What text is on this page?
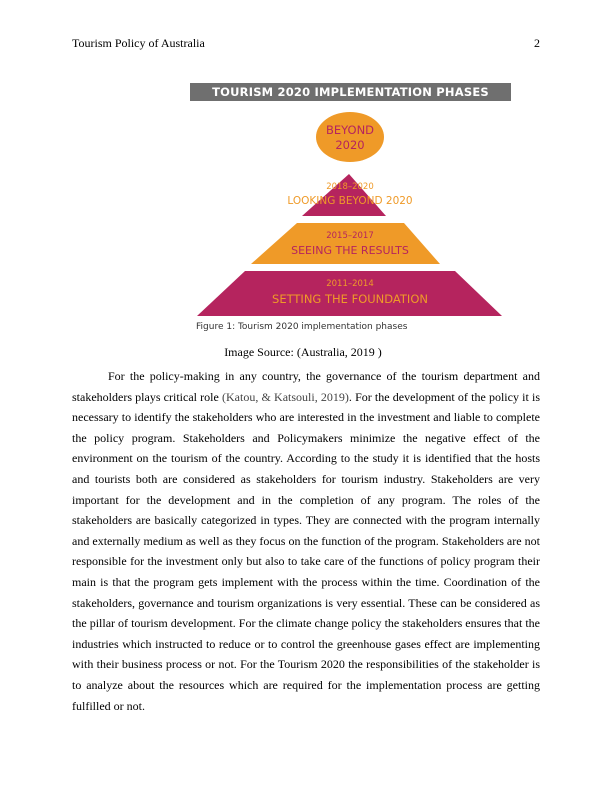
Tourism Policy of Australia	2
TOURISM 2020 IMPLEMENTATION PHASES
BEYOND
2020
2018–2020
LOOKING BEYOND 2020
2015–2017
SEEING THE RESULTS
2011–2014
SETTING THE FOUNDATION
Figure 1: Tourism 2020 implementation phases
Image Source: (Australia, 2019 )

For the policy-making in any country, the governance of the tourism department and stakeholders plays critical role (Katou, & Katsouli, 2019). For the development of the policy it is necessary to identify the stakeholders who are interested in the investment and liable to complete the policy program. Stakeholders and Policymakers minimize the negative effect of the environment on the tourism of the country. According to the study it is identified that the hosts and tourists both are considered as stakeholders for tourism industry. Stakeholders are very important for the development and in the completion of any program. The roles of the stakeholders are basically categorized in types. They are connected with the program internally and externally medium as well as they focus on the function of the program. Stakeholders are not responsible for the investment only but also to take care of the functions of policy program their main is that the program gets implement with the process within the time. Coordination of the stakeholders, governance and tourism organizations is very essential. These can be considered as the pillar of tourism development. For the climate change policy the stakeholders ensures that the industries which instructed to reduce or to control the greenhouse gases effect are implementing with their business process or not. For the Tourism 2020 the responsibilities of the stakeholder is to analyze about the resources which are required for the implementation process are getting fulfilled or not.
